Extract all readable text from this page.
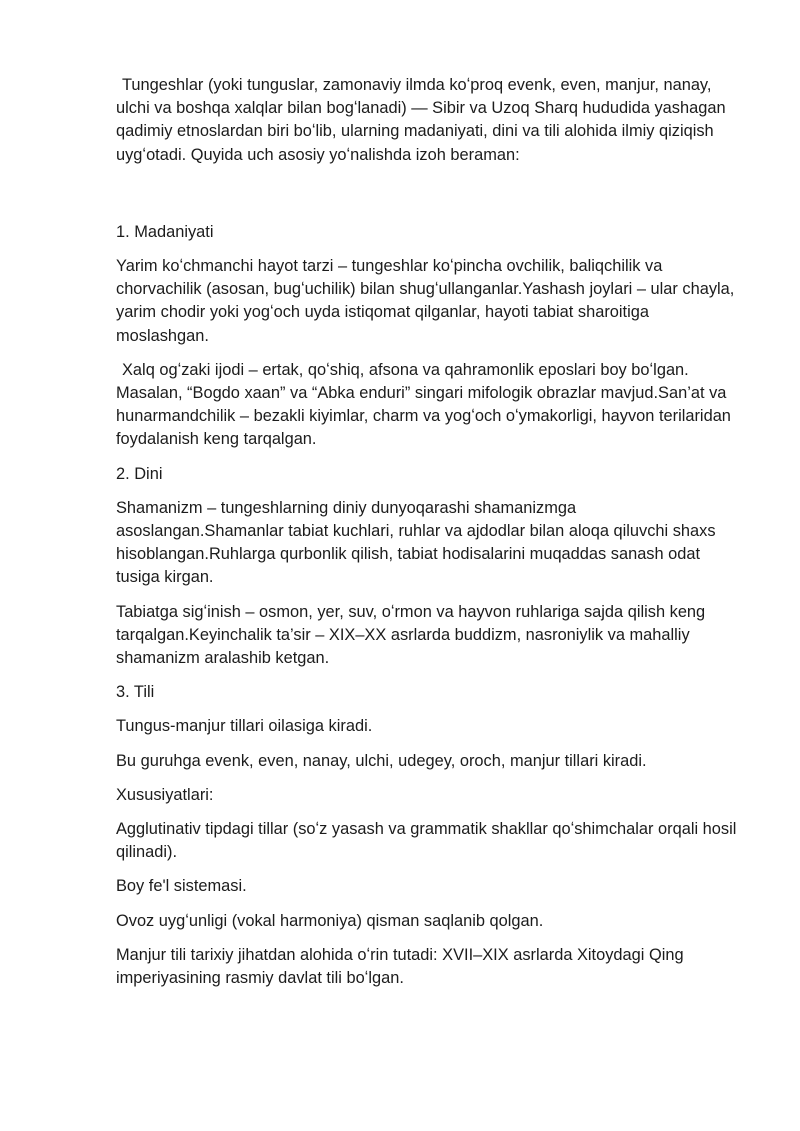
Tungeshlar (yoki tunguslar, zamonaviy ilmda koʻproq evenk, even, manjur, nanay, ulchi va boshqa xalqlar bilan bogʻlanadi) — Sibir va Uzoq Sharq hududida yashagan qadimiy etnoslardan biri boʻlib, ularning madaniyati, dini va tili alohida ilmiy qiziqish uygʻotadi. Quyida uch asosiy yoʻnalishda izoh beraman:

1. Madaniyati

Yarim koʻchmanchi hayot tarzi – tungeshlar koʻpincha ovchilik, baliqchilik va chorvachilik (asosan, bugʻuchilik) bilan shugʻullanganlar.Yashash joylari – ular chayla, yarim chodir yoki yogʻoch uyda istiqomat qilganlar, hayoti tabiat sharoitiga moslashgan.

Xalq ogʻzaki ijodi – ertak, qoʻshiq, afsona va qahramonlik eposlari boy boʻlgan. Masalan, “Bogdo xaan” va “Abka enduri” singari mifologik obrazlar mavjud.San’at va hunarmandchilik – bezakli kiyimlar, charm va yogʻoch oʻymakorligi, hayvon terilaridan foydalanish keng tarqalgan.

2. Dini

Shamanizm – tungeshlarning diniy dunyoqarashi shamanizmga asoslangan.Shamanlar tabiat kuchlari, ruhlar va ajdodlar bilan aloqa qiluvchi shaxs hisoblangan.Ruhlarga qurbonlik qilish, tabiat hodisalarini muqaddas sanash odat tusiga kirgan.

Tabiatga sigʻinish – osmon, yer, suv, oʻrmon va hayvon ruhlariga sajda qilish keng tarqalgan.Keyinchalik ta’sir – XIX–XX asrlarda buddizm, nasroniylik va mahalliy shamanizm aralashib ketgan.

3. Tili

Tungus-manjur tillari oilasiga kiradi.

Bu guruhga evenk, even, nanay, ulchi, udegey, oroch, manjur tillari kiradi.

Xususiyatlari:

Agglutinativ tipdagi tillar (soʻz yasash va grammatik shakllar qoʻshimchalar orqali hosil qilinadi).

Boy fe'l sistemasi.

Ovoz uygʻunligi (vokal harmoniya) qisman saqlanib qolgan.

Manjur tili tarixiy jihatdan alohida oʻrin tutadi: XVII–XIX asrlarda Xitoydagi Qing imperiyasining rasmiy davlat tili boʻlgan.
